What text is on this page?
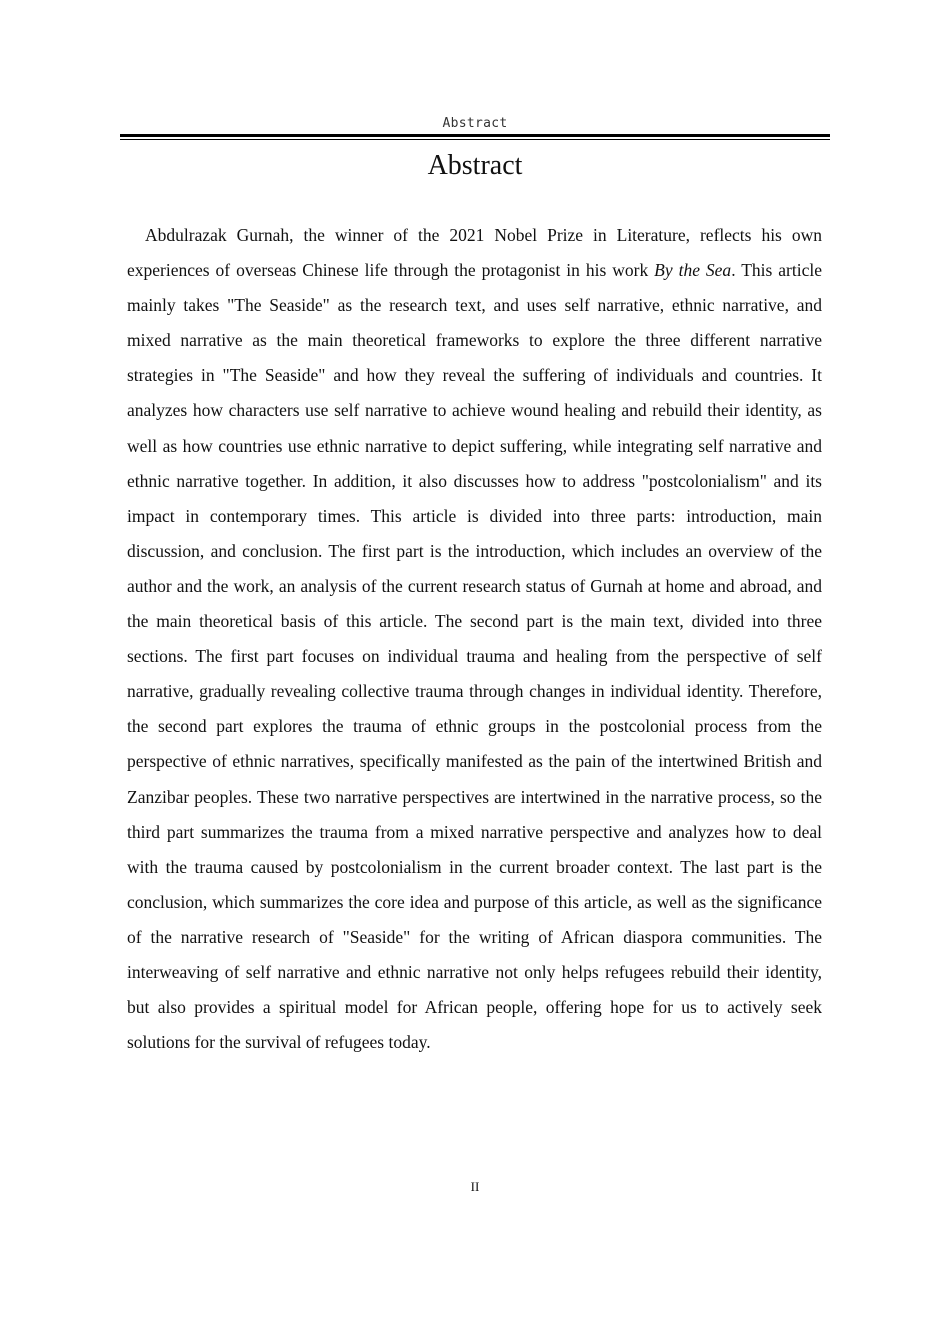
Abstract
Abstract

Abdulrazak Gurnah, the winner of the 2021 Nobel Prize in Literature, reflects his own experiences of overseas Chinese life through the protagonist in his work By the Sea. This article mainly takes "The Seaside" as the research text, and uses self narrative, ethnic narrative, and mixed narrative as the main theoretical frameworks to explore the three different narrative strategies in "The Seaside" and how they reveal the suffering of individuals and countries. It analyzes how characters use self narrative to achieve wound healing and rebuild their identity, as well as how countries use ethnic narrative to depict suffering, while integrating self narrative and ethnic narrative together. In addition, it also discusses how to address "postcolonialism" and its impact in contemporary times. This article is divided into three parts: introduction, main discussion, and conclusion. The first part is the introduction, which includes an overview of the author and the work, an analysis of the current research status of Gurnah at home and abroad, and the main theoretical basis of this article. The second part is the main text, divided into three sections. The first part focuses on individual trauma and healing from the perspective of self narrative, gradually revealing collective trauma through changes in individual identity. Therefore, the second part explores the trauma of ethnic groups in the postcolonial process from the perspective of ethnic narratives, specifically manifested as the pain of the intertwined British and Zanzibar peoples. These two narrative perspectives are intertwined in the narrative process, so the third part summarizes the trauma from a mixed narrative perspective and analyzes how to deal with the trauma caused by postcolonialism in the current broader context. The last part is the conclusion, which summarizes the core idea and purpose of this article, as well as the significance of the narrative research of "Seaside" for the writing of African diaspora communities. The interweaving of self narrative and ethnic narrative not only helps refugees rebuild their identity, but also provides a spiritual model for African people, offering hope for us to actively seek solutions for the survival of refugees today.

II
